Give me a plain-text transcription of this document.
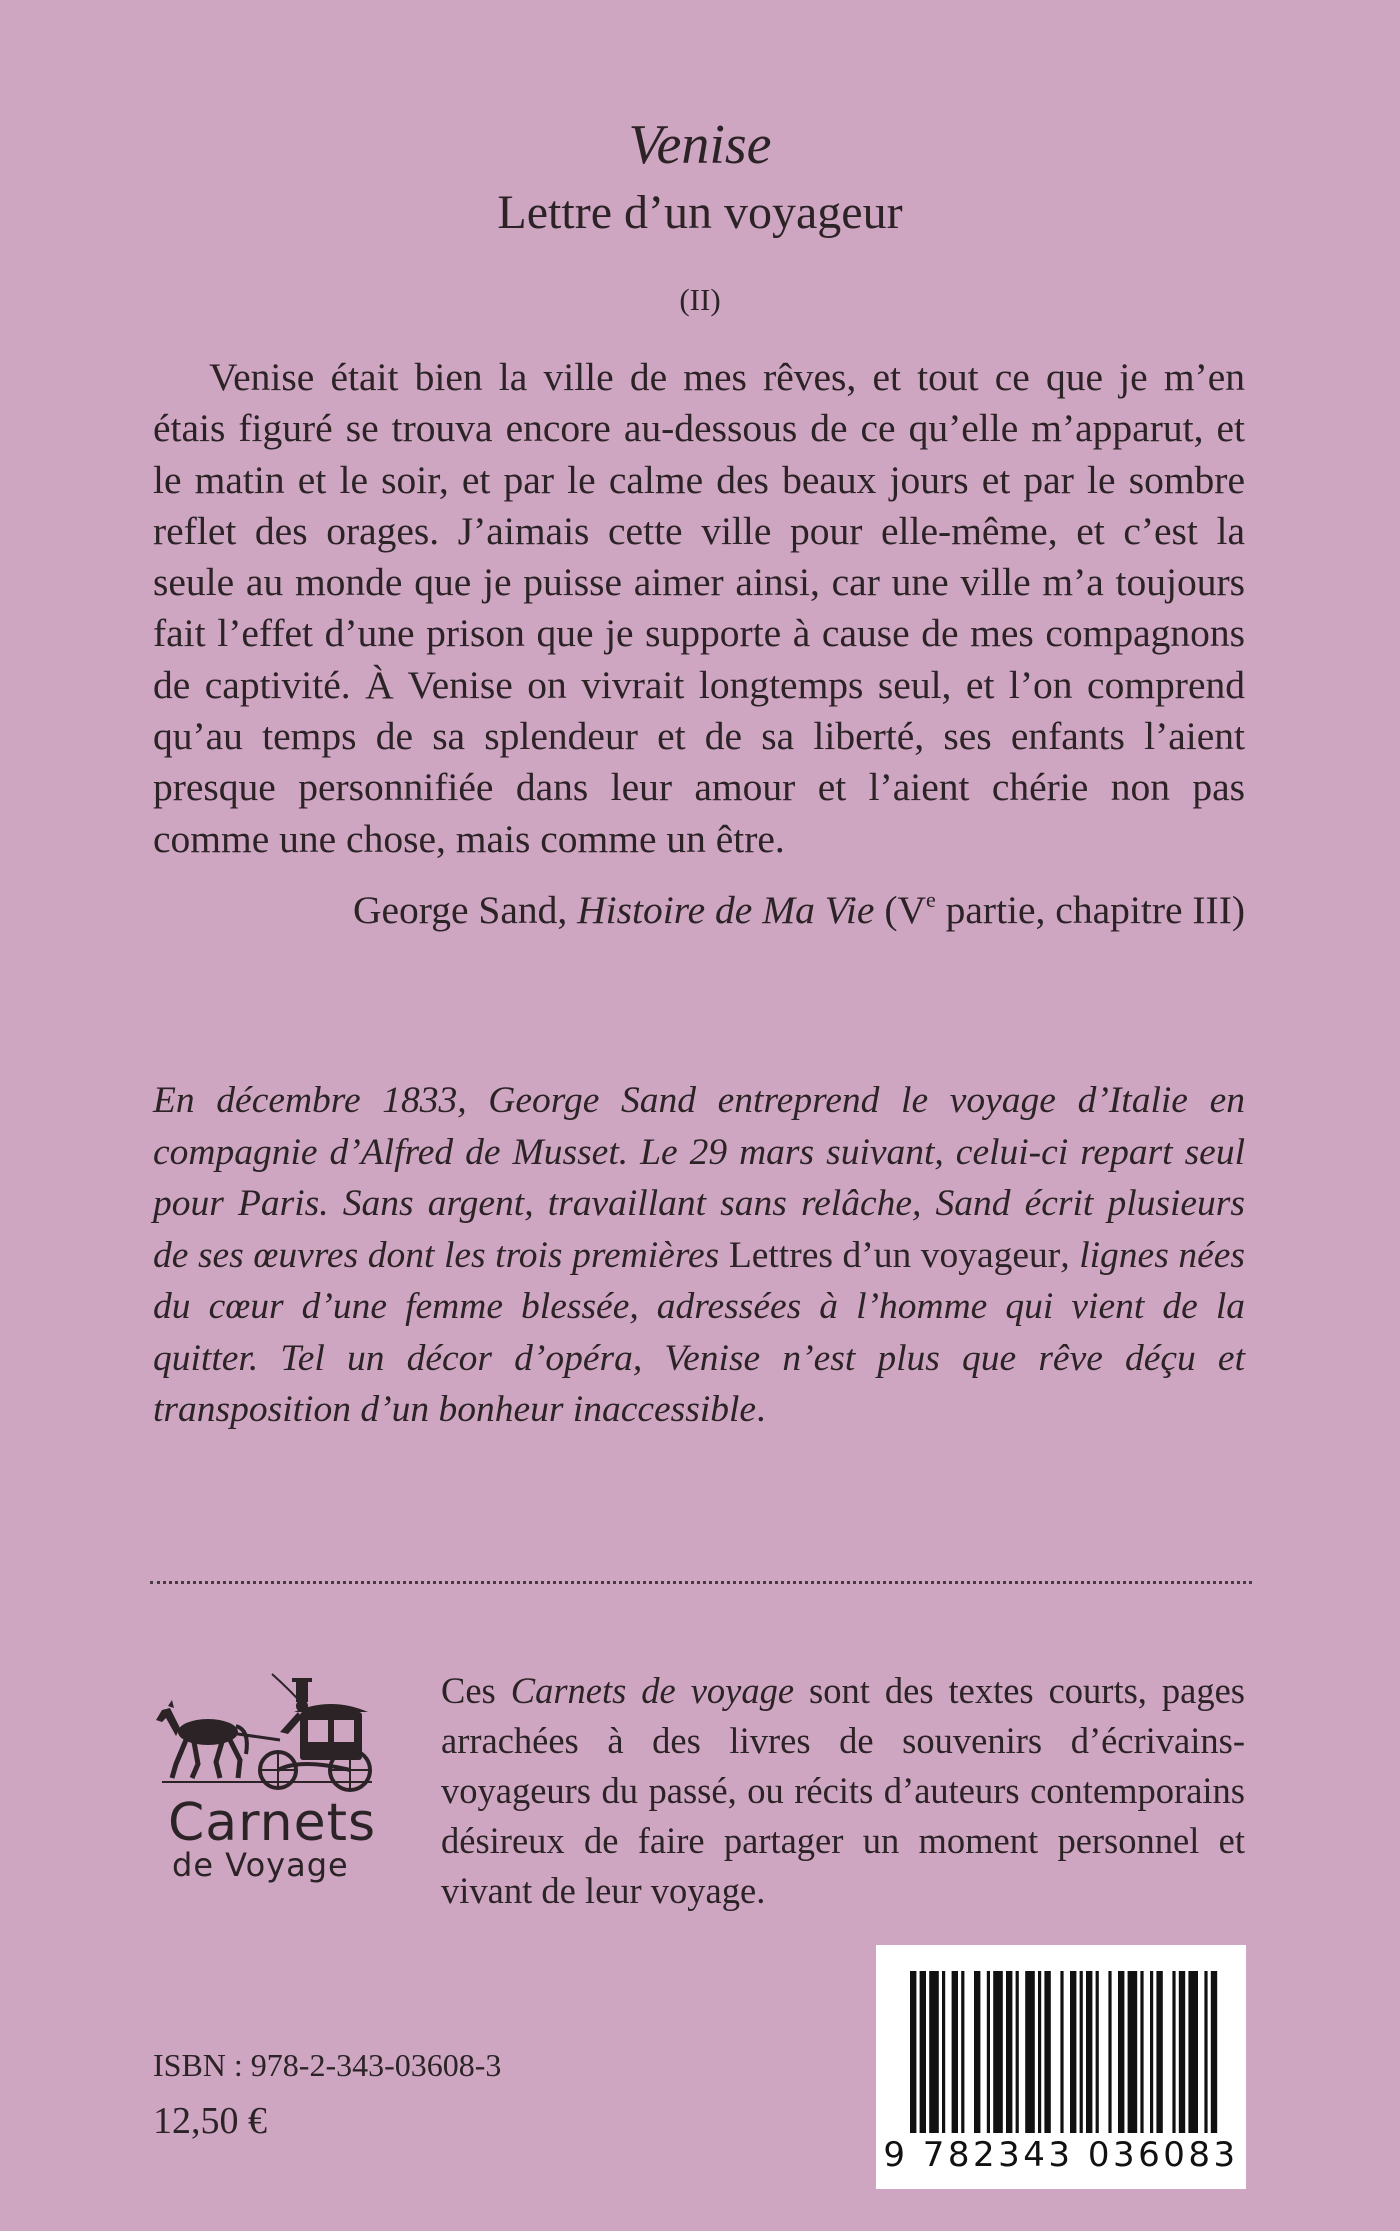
Venise
Lettre d’un voyageur
(II)

Venise était bien la ville de mes rêves, et tout ce que je m’en étais figuré se trouva encore au-dessous de ce qu’elle m’apparut, et le matin et le soir, et par le calme des beaux jours et par le sombre reflet des orages. J’aimais cette ville pour elle-même, et c’est la seule au monde que je puisse aimer ainsi, car une ville m’a toujours fait l’effet d’une prison que je supporte à cause de mes compagnons de captivité. À Venise on vivrait longtemps seul, et l’on comprend qu’au temps de sa splendeur et de sa liberté, ses enfants l’aient presque personnifiée dans leur amour et l’aient chérie non pas comme une chose, mais comme un être.

George Sand, Histoire de Ma Vie (Ve partie, chapitre III)

En décembre 1833, George Sand entreprend le voyage d’Italie en compagnie d’Alfred de Musset. Le 29 mars suivant, celui-ci repart seul pour Paris. Sans argent, travaillant sans relâche, Sand écrit plusieurs de ses œuvres dont les trois premières Lettres d’un voyageur, lignes nées du cœur d’une femme blessée, adressées à l’homme qui vient de la quitter. Tel un décor d’opéra, Venise n’est plus que rêve déçu et transposition d’un bonheur inaccessible.

Carnets
de Voyage

Ces Carnets de voyage sont des textes courts, pages arrachées à des livres de souvenirs d’écrivains-voyageurs du passé, ou récits d’auteurs contemporains désireux de faire partager un moment personnel et vivant de leur voyage.

9 782343 036083
ISBN : 978-2-343-03608-3
12,50 €
